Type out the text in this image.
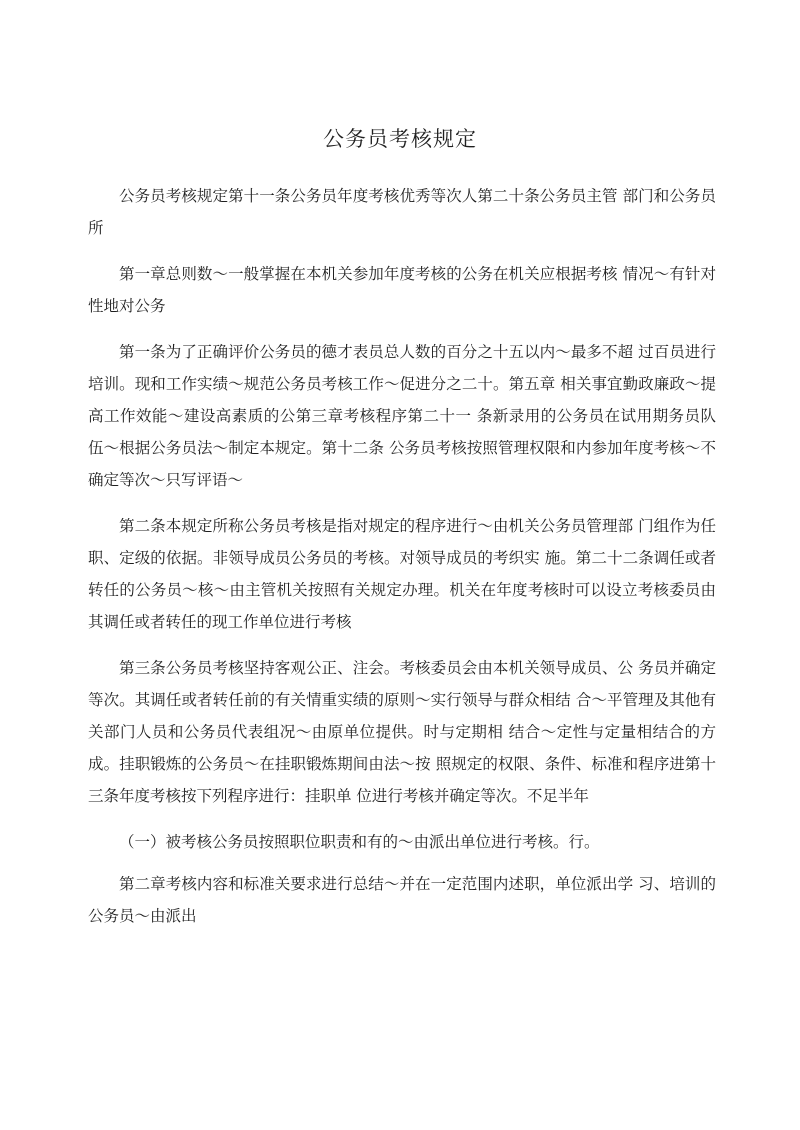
公务员考核规定

公务员考核规定第十一条公务员年度考核优秀等次人第二十条公务员主管 部门和公务员所

第一章总则数〜一般掌握在本机关参加年度考核的公务在机关应根据考核 情况〜有针对性地对公务

第一条为了正确评价公务员的德才表员总人数的百分之十五以内〜最多不超 过百员进行培训。现和工作实绩〜规范公务员考核工作〜促进分之二十。第五章 相关事宜勤政廉政〜提高工作效能〜建设高素质的公第三章考核程序第二十一 条新录用的公务员在试用期务员队伍〜根据公务员法〜制定本规定。第十二条 公务员考核按照管理权限和内参加年度考核〜不确定等次〜只写评语〜

第二条本规定所称公务员考核是指对规定的程序进行〜由机关公务员管理部 门组作为任职、定级的依据。非领导成员公务员的考核。对领导成员的考织实 施。第二十二条调任或者转任的公务员〜核〜由主管机关按照有关规定办理。机关在年度考核时可以设立考核委员由其调任或者转任的现工作单位进行考核

第三条公务员考核坚持客观公正、注会。考核委员会由本机关领导成员、公 务员并确定等次。其调任或者转任前的有关情重实绩的原则〜实行领导与群众相结 合〜平管理及其他有关部门人员和公务员代表组况〜由原单位提供。时与定期相 结合〜定性与定量相结合的方成。挂职锻炼的公务员〜在挂职锻炼期间由法〜按 照规定的权限、条件、标准和程序进第十三条年度考核按下列程序进行：挂职单 位进行考核并确定等次。不足半年

（一）被考核公务员按照职位职责和有的〜由派出单位进行考核。行。

第二章考核内容和标准关要求进行总结〜并在一定范围内述职，单位派出学 习、培训的公务员〜由派出
